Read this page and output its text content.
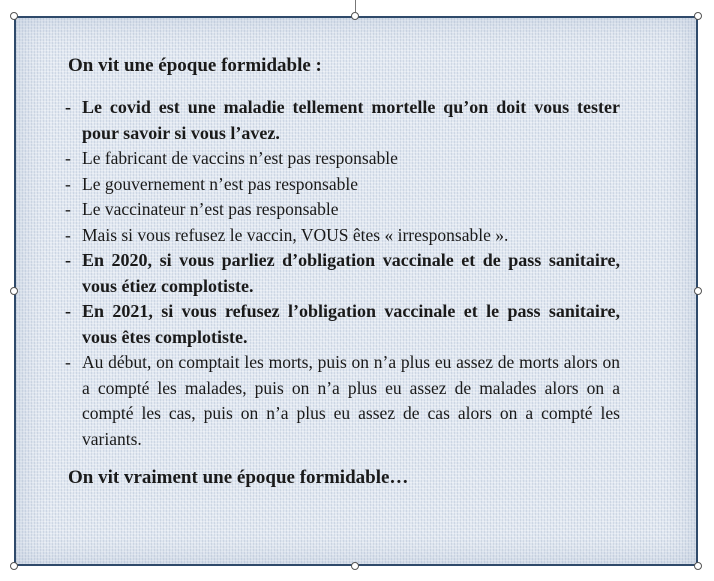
On vit une époque formidable :

- Le covid est une maladie tellement mortelle qu’on doit vous tester pour savoir si vous l’avez.
- Le fabricant de vaccins n’est pas responsable
- Le gouvernement n’est pas responsable
- Le vaccinateur n’est pas responsable
- Mais si vous refusez le vaccin, VOUS êtes « irresponsable ».
- En 2020, si vous parliez d’obligation vaccinale et de pass sanitaire, vous étiez complotiste.
- En 2021, si vous refusez l’obligation vaccinale et le pass sanitaire, vous êtes complotiste.
- Au début, on comptait les morts, puis on n’a plus eu assez de morts alors on a compté les malades, puis on n’a plus eu assez de malades alors on a compté les cas, puis on n’a plus eu assez de cas alors on a compté les variants.

On vit vraiment une époque formidable…
